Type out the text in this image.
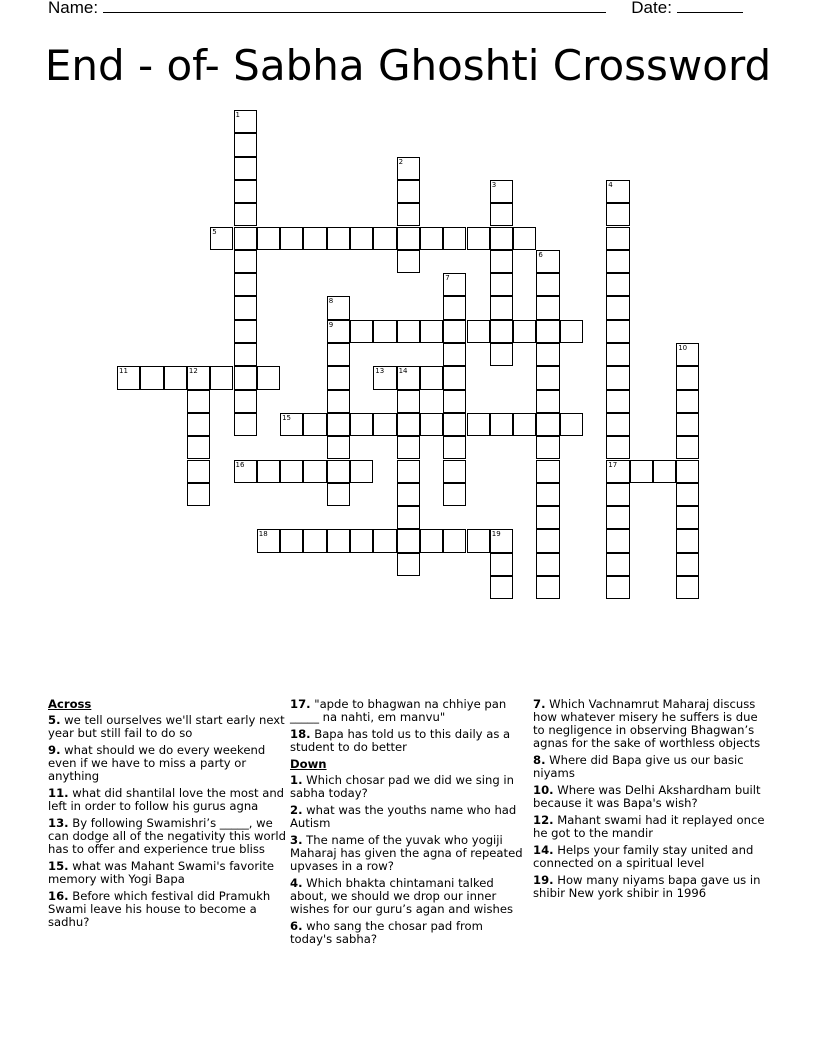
Name:	Date:
End - of- Sabha Ghoshti Crossword
1
2
3	4
17
5
6
7
8
9
10
11	12	13 14
15
16
18	19
Across
5. we tell ourselves we'll start early next year but still fail to do so
9. what should we do every weekend even if we have to miss a party or anything
11. what did shantilal love the most and left in order to follow his gurus agna
13. By following Swamishri’s _____, we can dodge all of the negativity this world has to offer and experience true bliss
15. what was Mahant Swami's favorite memory with Yogi Bapa
16. Before which festival did Pramukh Swami leave his house to become a sadhu?
17. "apde to bhagwan na chhiye pan _____ na nahti, em manvu"
18. Bapa has told us to this daily as a student to do better
Down
1. Which chosar pad we did we sing in sabha today?
2. what was the youths name who had Autism
3. The name of the yuvak who yogiji Maharaj has given the agna of repeated upvases in a row?
4. Which bhakta chintamani talked about, we should we drop our inner wishes for our guru’s agan and wishes
6. who sang the chosar pad from today's sabha?
7. Which Vachnamrut Maharaj discuss how whatever misery he suffers is due to negligence in observing Bhagwan’s agnas for the sake of worthless objects
8. Where did Bapa give us our basic niyams
10. Where was Delhi Akshardham built because it was Bapa's wish?
12. Mahant swami had it replayed once he got to the mandir
14. Helps your family stay united and connected on a spiritual level
19. How many niyams bapa gave us in shibir New york shibir in 1996
